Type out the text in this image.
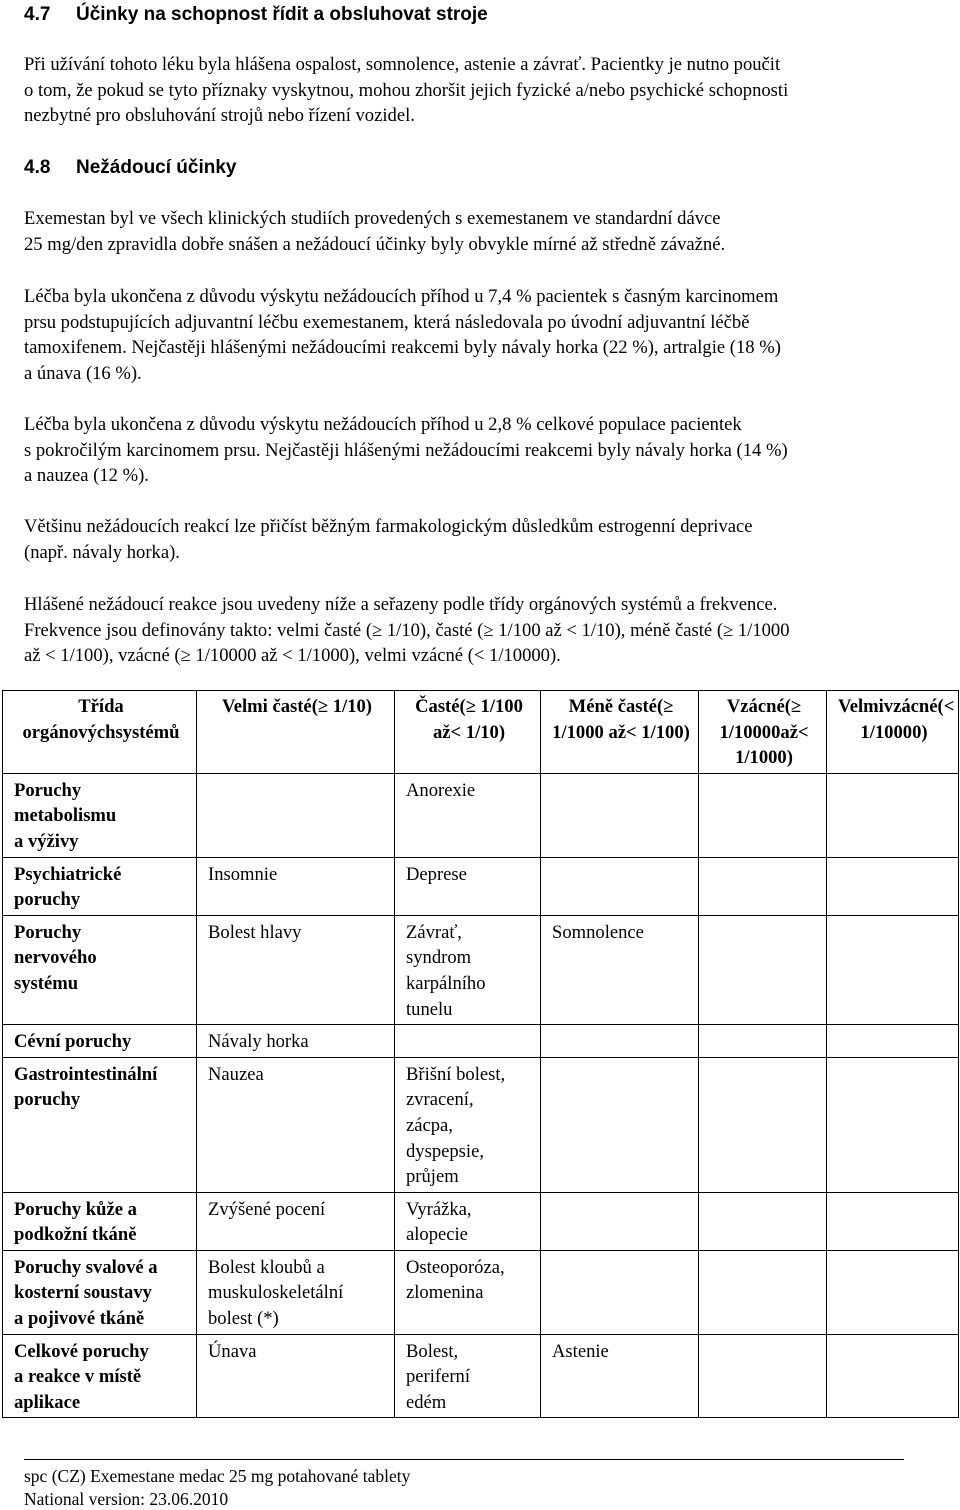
4.7 Účinky na schopnost řídit a obsluhovat stroje
Při užívání tohoto léku byla hlášena ospalost, somnolence, astenie a závrať. Pacientky je nutno poučit
o tom, že pokud se tyto příznaky vyskytnou, mohou zhoršit jejich fyzické a/nebo psychické schopnosti
nezbytné pro obsluhování strojů nebo řízení vozidel.
4.8 Nežádoucí účinky
Exemestan byl ve všech klinických studiích provedených s exemestanem ve standardní dávce
25 mg/den zpravidla dobře snášen a nežádoucí účinky byly obvykle mírné až středně závažné.
Léčba byla ukončena z důvodu výskytu nežádoucích příhod u 7,4 % pacientek s časným karcinomem
prsu podstupujících adjuvantní léčbu exemestanem, která následovala po úvodní adjuvantní léčbě
tamoxifenem. Nejčastěji hlášenými nežádoucími reakcemi byly návaly horka (22 %), artralgie (18 %)
a únava (16 %).
Léčba byla ukončena z důvodu výskytu nežádoucích příhod u 2,8 % celkové populace pacientek
s pokročilým karcinomem prsu. Nejčastěji hlášenými nežádoucími reakcemi byly návaly horka (14 %)
a nauzea (12 %).
Většinu nežádoucích reakcí lze přičíst běžným farmakologickým důsledkům estrogenní deprivace
(např. návaly horka).
Hlášené nežádoucí reakce jsou uvedeny níže a seřazeny podle třídy orgánových systémů a frekvence.
Frekvence jsou definovány takto: velmi časté (≥ 1/10), časté (≥ 1/100 až < 1/10), méně časté (≥ 1/1000
až < 1/100), vzácné (≥ 1/10000 až < 1/1000), velmi vzácné (< 1/10000).
Třída orgánovýchsystémů	Velmi časté(≥ 1/10)	Časté(≥ 1/100 až< 1/10)	Méně časté(≥ 1/1000 až< 1/100)	Vzácné(≥ 1/10000až< 1/1000)	Velmivzácné(< 1/10000)

Poruchy
metabolismu
a výživy		Anorexie			

Psychiatrické
poruchy	Insomnie	Deprese			

Poruchy
nervového
systému	Bolest hlavy	Závrať,
syndrom
karpálního
tunelu	Somnolence		

Cévní poruchy	Návaly horka				

Gastrointestinální
poruchy	Nauzea	Břišní bolest,
zvracení,
zácpa,
dyspepsie,
průjem			

Poruchy kůže a
podkožní tkáně	Zvýšené pocení	Vyrážka,
alopecie			

Poruchy svalové a
kosterní soustavy
a pojivové tkáně	Bolest kloubů a
muskuloskeletální
bolest (*)	Osteoporóza,
zlomenina			

Celkové poruchy
a reakce v místě
aplikace	Únava	Bolest,
periferní
edém	Astenie		

spc (CZ) Exemestane medac 25 mg potahované tablety
National version: 23.06.2010
